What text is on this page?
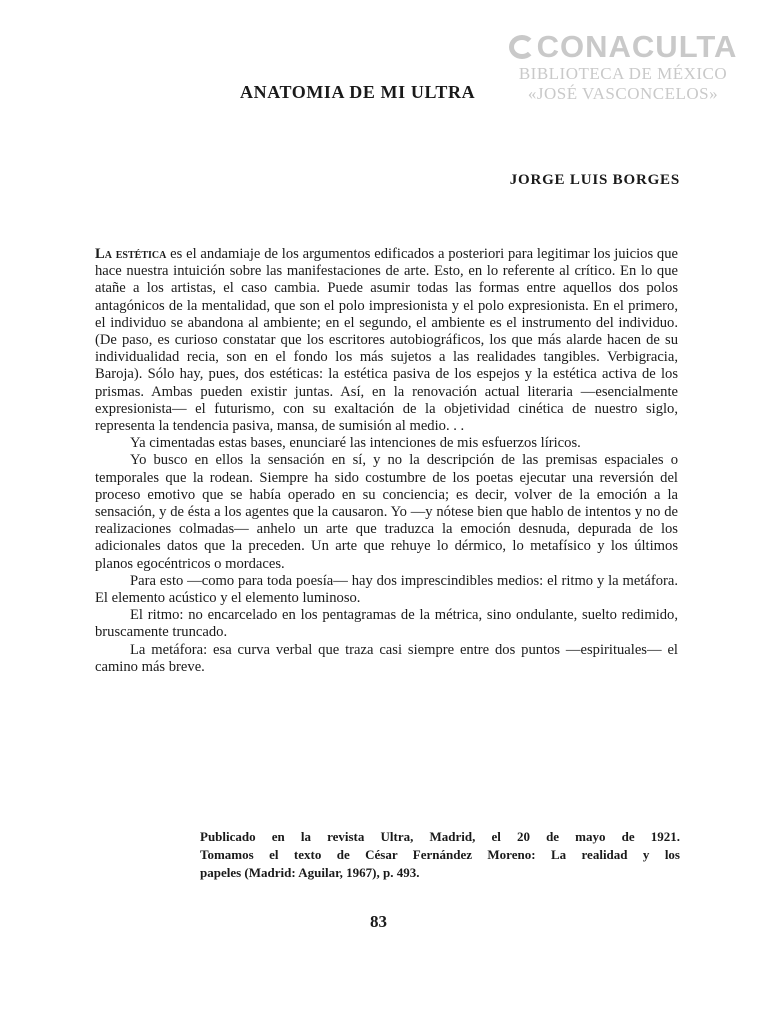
CONACULTA
BIBLIOTECA DE MÉXICO
«JOSÉ VASCONCELOS»
ANATOMIA DE MI ULTRA
JORGE LUIS BORGES

La estética es el andamiaje de los argumentos edificados a posteriori para legitimar los juicios que hace nuestra intuición sobre las manifestaciones de arte. Esto, en lo referente al crítico. En lo que atañe a los artistas, el caso cambia. Puede asumir todas las formas entre aquellos dos polos antagónicos de la mentalidad, que son el polo impresionista y el polo expresionista. En el primero, el individuo se abandona al ambiente; en el segundo, el ambiente es el instrumento del individuo. (De paso, es curioso constatar que los escritores autobiográficos, los que más alarde hacen de su individualidad recia, son en el fondo los más sujetos a las realidades tangibles. Verbigracia, Baroja). Sólo hay, pues, dos estéticas: la estética pasiva de los espejos y la estética activa de los prismas. Ambas pueden existir juntas. Así, en la renovación actual literaria —esencialmente expresionista— el futurismo, con su exaltación de la objetividad cinética de nuestro siglo, representa la tendencia pasiva, mansa, de sumisión al medio. . .

Ya cimentadas estas bases, enunciaré las intenciones de mis esfuerzos líricos.

Yo busco en ellos la sensación en sí, y no la descripción de las premisas espaciales o temporales que la rodean. Siempre ha sido costumbre de los poetas ejecutar una reversión del proceso emotivo que se había operado en su conciencia; es decir, volver de la emoción a la sensación, y de ésta a los agentes que la causaron. Yo —y nótese bien que hablo de intentos y no de realizaciones colmadas— anhelo un arte que traduzca la emoción desnuda, depurada de los adicionales datos que la preceden. Un arte que rehuye lo dérmico, lo metafísico y los últimos planos egocéntricos o mordaces.

Para esto —como para toda poesía— hay dos imprescindibles medios: el ritmo y la metáfora. El elemento acústico y el elemento luminoso.

El ritmo: no encarcelado en los pentagramas de la métrica, sino ondulante, suelto redimido, bruscamente truncado.

La metáfora: esa curva verbal que traza casi siempre entre dos puntos —espirituales— el camino más breve.

Publicado en la revista Ultra, Madrid, el 20 de mayo de 1921.
Tomamos el texto de César Fernández Moreno: La realidad y los
papeles (Madrid: Aguilar, 1967), p. 493.
83
